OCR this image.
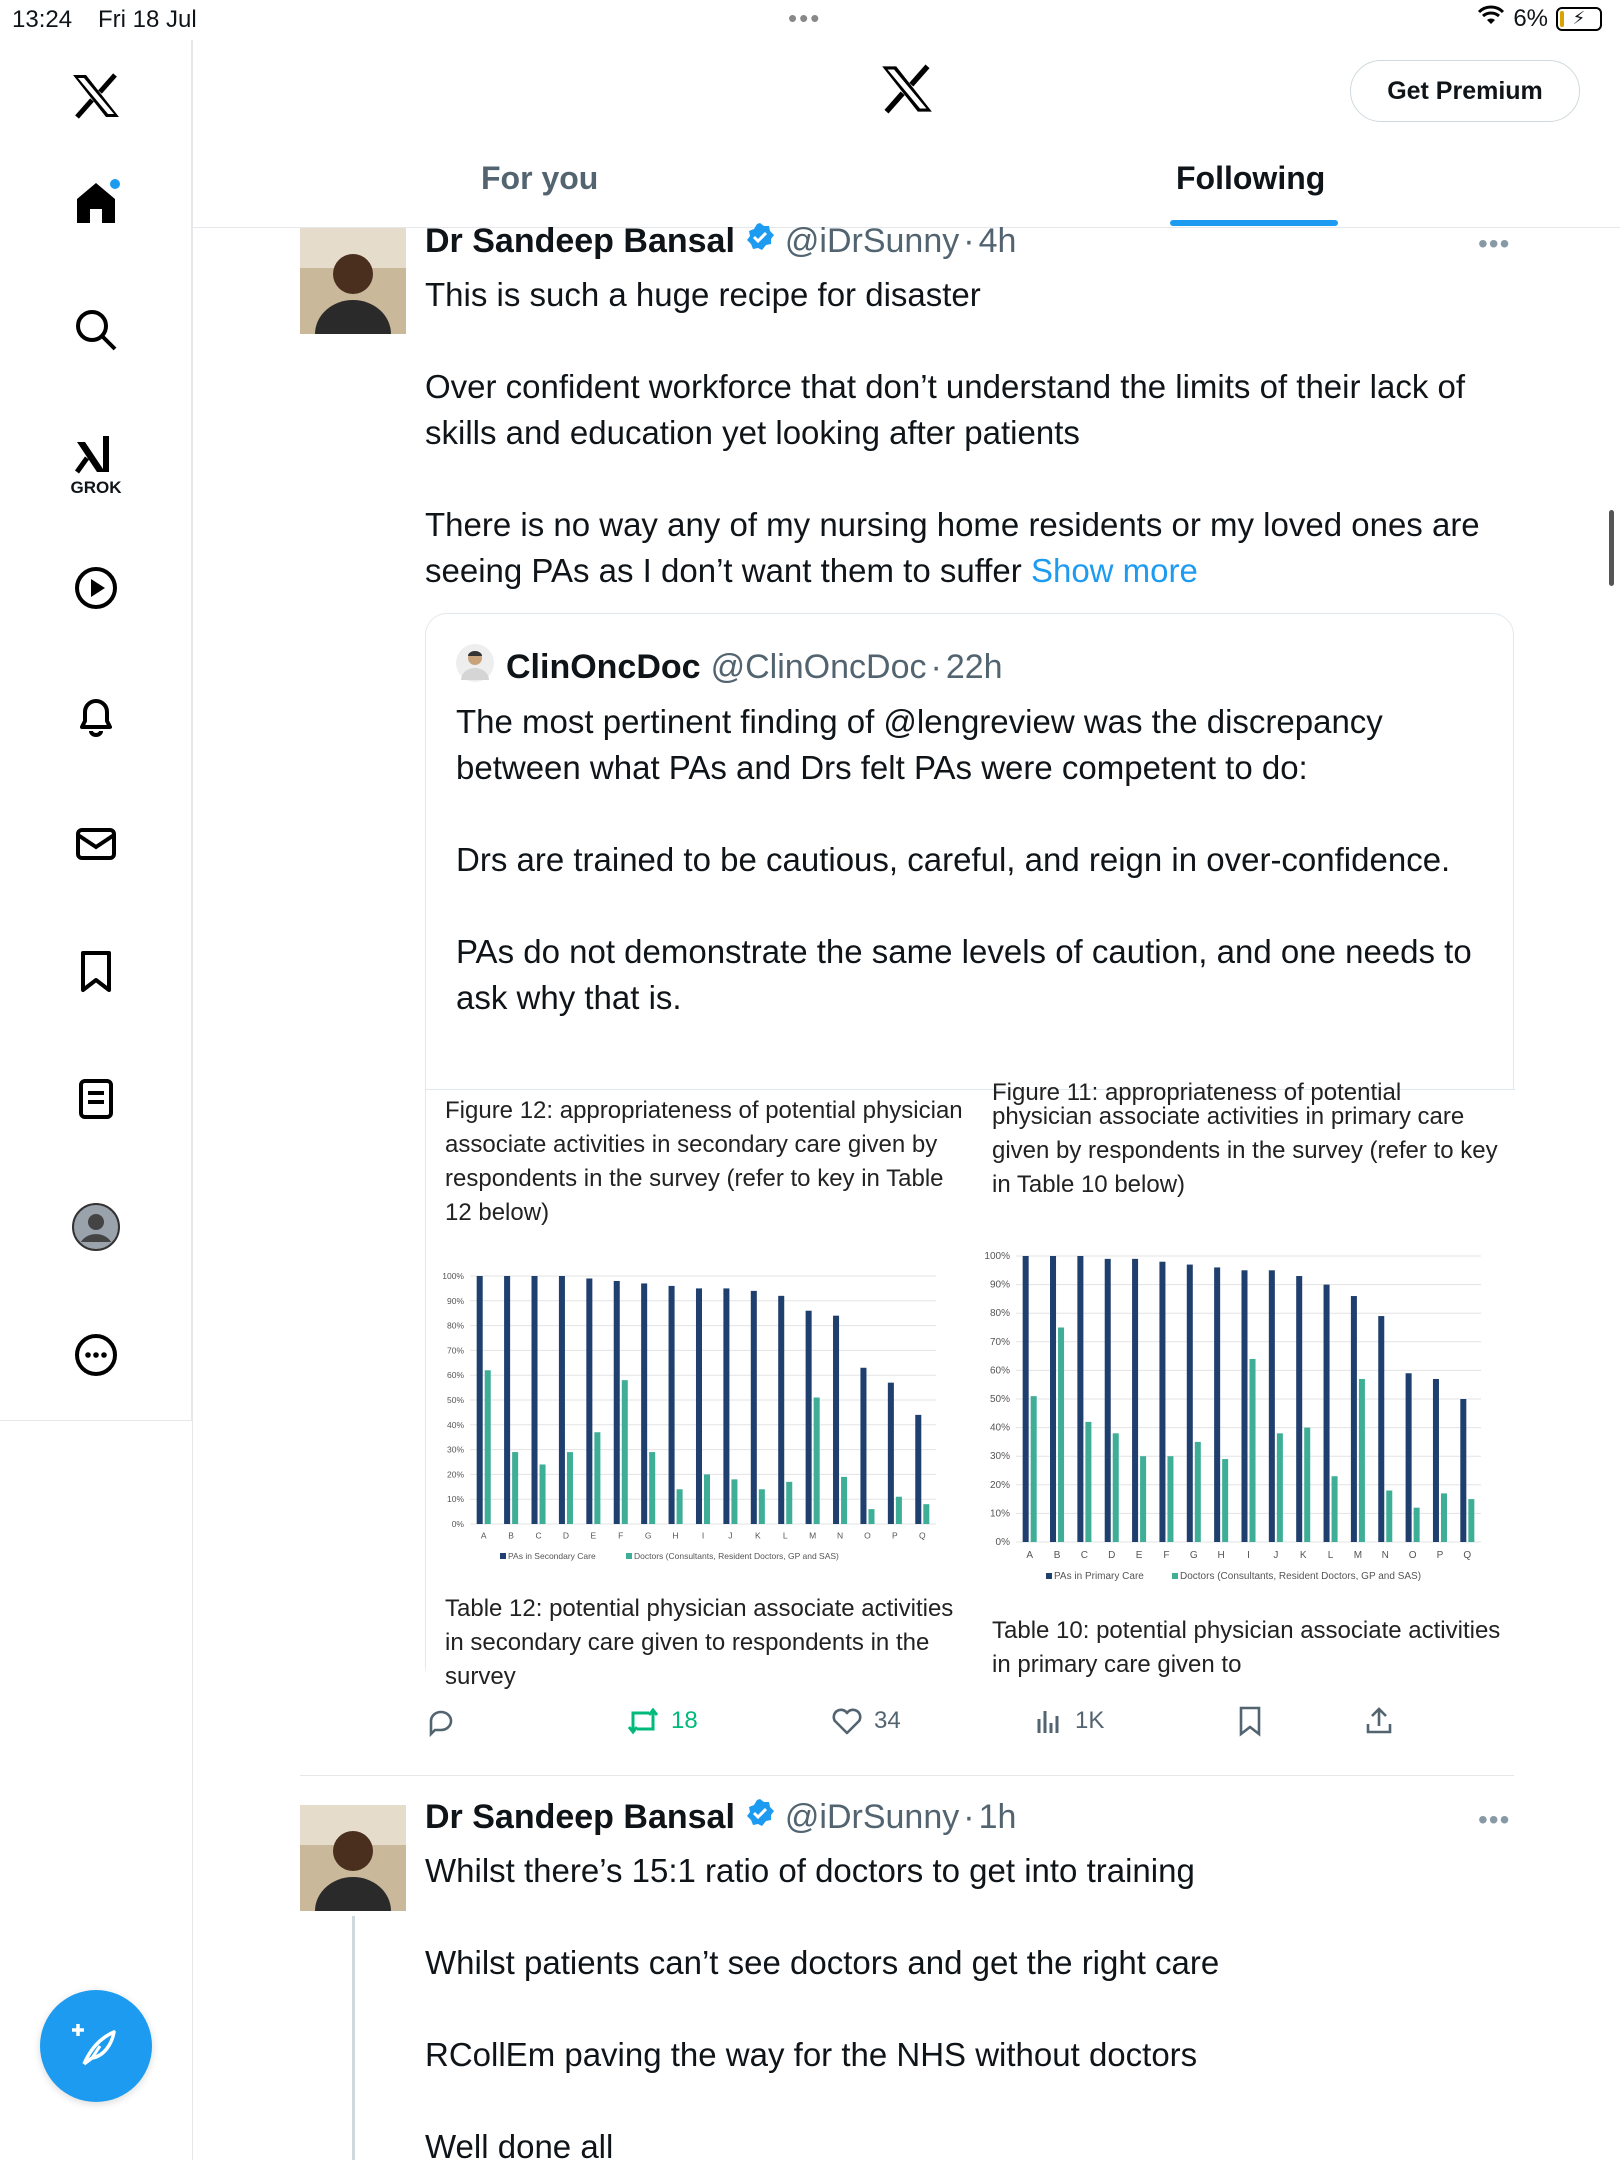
13:24 Fri 18 Jul	•••	6% ⚡
GROK
Get Premium
For you	Following
Dr Sandeep Bansal @iDrSunny · 4h	•••
This is such a huge recipe for disaster

Over confident workforce that don’t understand the limits of their lack of skills and education yet looking after patients

There is no way any of my nursing home residents or my loved ones are seeing PAs as I don’t want them to suffer Show more
ClinOncDoc @ClinOncDoc · 22h
The most pertinent finding of @lengreview was the discrepancy between what PAs and Drs felt PAs were competent to do:

Drs are trained to be cautious, careful, and reign in over-confidence.

PAs do not demonstrate the same levels of caution, and one needs to ask why that is.
Figure 12: appropriateness of potential physician associate activities in secondary care given by respondents in the survey (refer to key in Table 12 below)
0%
10%
20%
30%
40%
50%
60%
70%
80%
90%
100%
A	B	C	D	E	F	G H	I	J	K	L	M N O	P	Q
PAs in Secondary Care	Doctors (Consultants, Resident Doctors, GP and SAS)
Table 12: potential physician associate activities in secondary care given to respondents in the survey
Figure 11: appropriateness of potential
physician associate activities in primary care given by respondents in the survey (refer to key in Table 10 below)
0%
10%
20%
30%
40%
50%
60%
70%
80%
90%
100%
A B C D E F G H I J K L M N O P Q
PAs in Primary Care	Doctors (Consultants, Resident Doctors, GP and SAS)
Table 10: potential physician associate activities in primary care given to
18	34	1K
Dr Sandeep Bansal @iDrSunny · 1h	•••
Whilst there’s 15:1 ratio of doctors to get into training

Whilst patients can’t see doctors and get the right care

RCollEm paving the way for the NHS without doctors

Well done all
